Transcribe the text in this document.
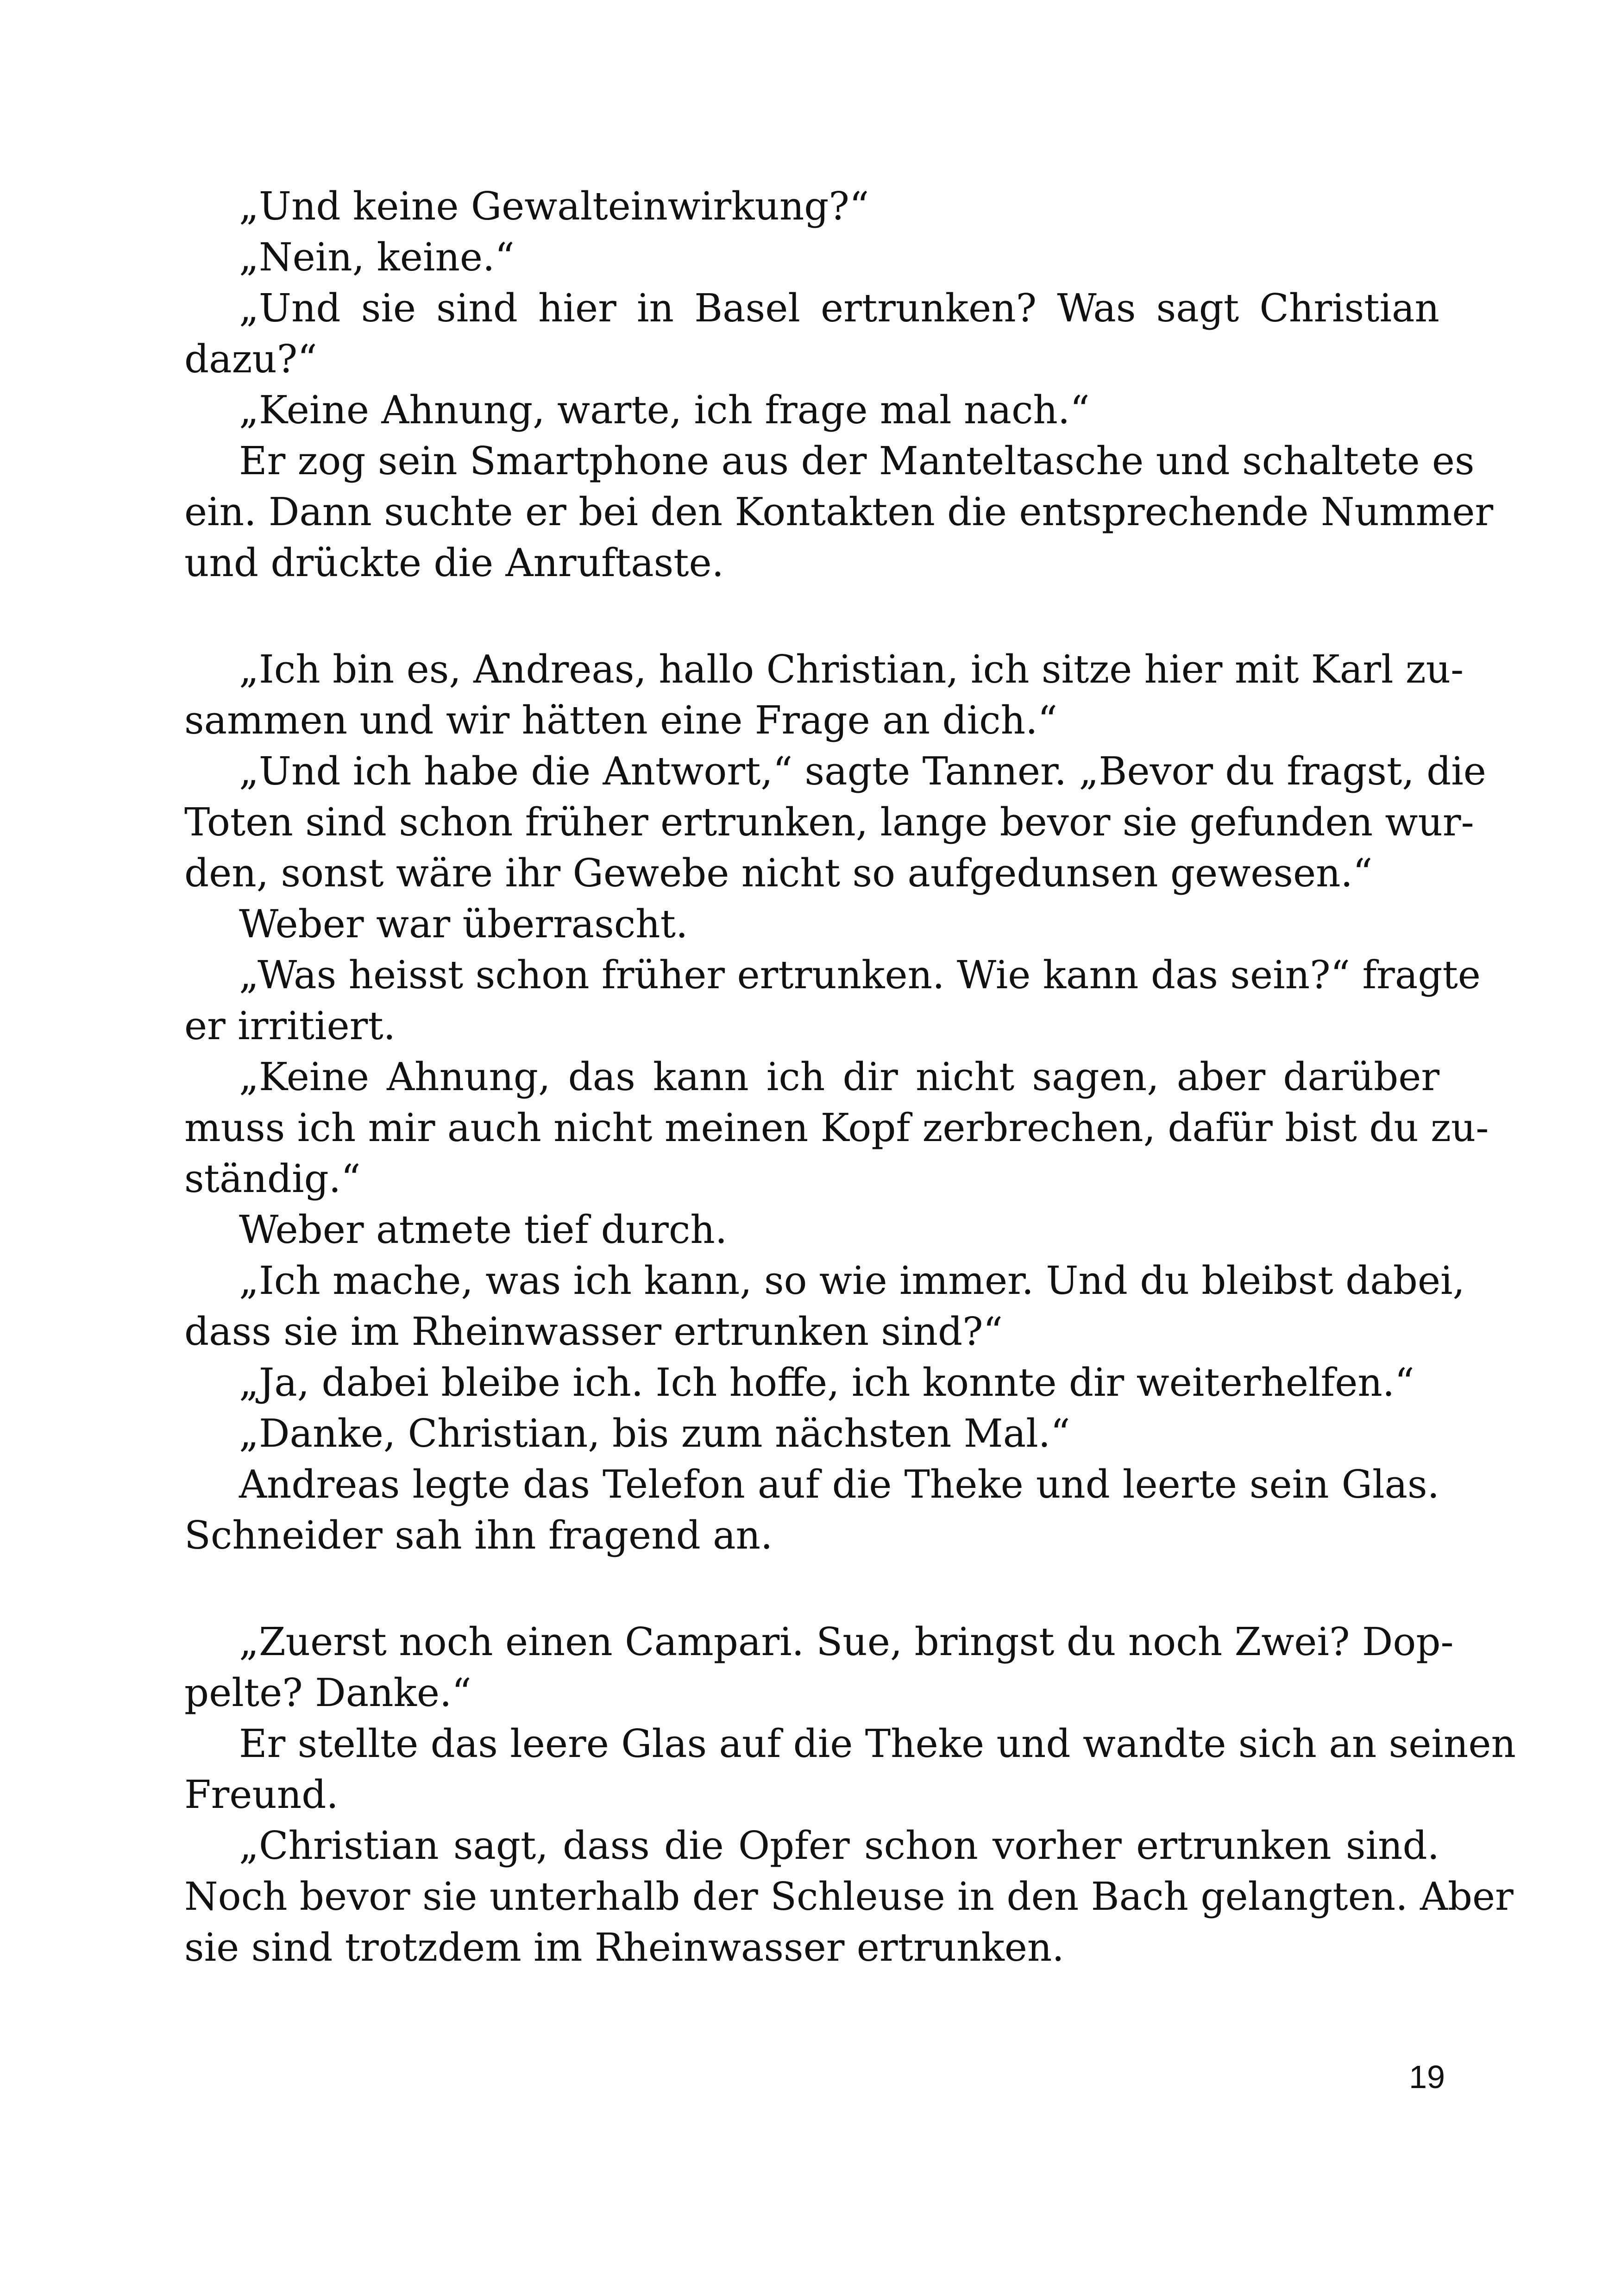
„Und keine Gewalteinwirkung?“
„Nein, keine.“
„Und sie sind hier in Basel ertrunken? Was sagt Christian
dazu?“
„Keine Ahnung, warte, ich frage mal nach.“
Er zog sein Smartphone aus der Manteltasche und schaltete es
ein. Dann suchte er bei den Kontakten die entsprechende Nummer
und drückte die Anruftaste.
„Ich bin es, Andreas, hallo Christian, ich sitze hier mit Karl zu-
sammen und wir hätten eine Frage an dich.“
„Und ich habe die Antwort,“ sagte Tanner. „Bevor du fragst, die
Toten sind schon früher ertrunken, lange bevor sie gefunden wur-
den, sonst wäre ihr Gewebe nicht so aufgedunsen gewesen.“
Weber war überrascht.
„Was heisst schon früher ertrunken. Wie kann das sein?“ fragte
er irritiert.
„Keine Ahnung, das kann ich dir nicht sagen, aber darüber
muss ich mir auch nicht meinen Kopf zerbrechen, dafür bist du zu-
ständig.“
Weber atmete tief durch.
„Ich mache, was ich kann, so wie immer. Und du bleibst dabei,
dass sie im Rheinwasser ertrunken sind?“
„Ja, dabei bleibe ich. Ich hoffe, ich konnte dir weiterhelfen.“
„Danke, Christian, bis zum nächsten Mal.“
Andreas legte das Telefon auf die Theke und leerte sein Glas.
Schneider sah ihn fragend an.
„Zuerst noch einen Campari. Sue, bringst du noch Zwei? Dop-
pelte? Danke.“
Er stellte das leere Glas auf die Theke und wandte sich an seinen
Freund.
„Christian sagt, dass die Opfer schon vorher ertrunken sind.
Noch bevor sie unterhalb der Schleuse in den Bach gelangten. Aber
sie sind trotzdem im Rheinwasser ertrunken.
19
